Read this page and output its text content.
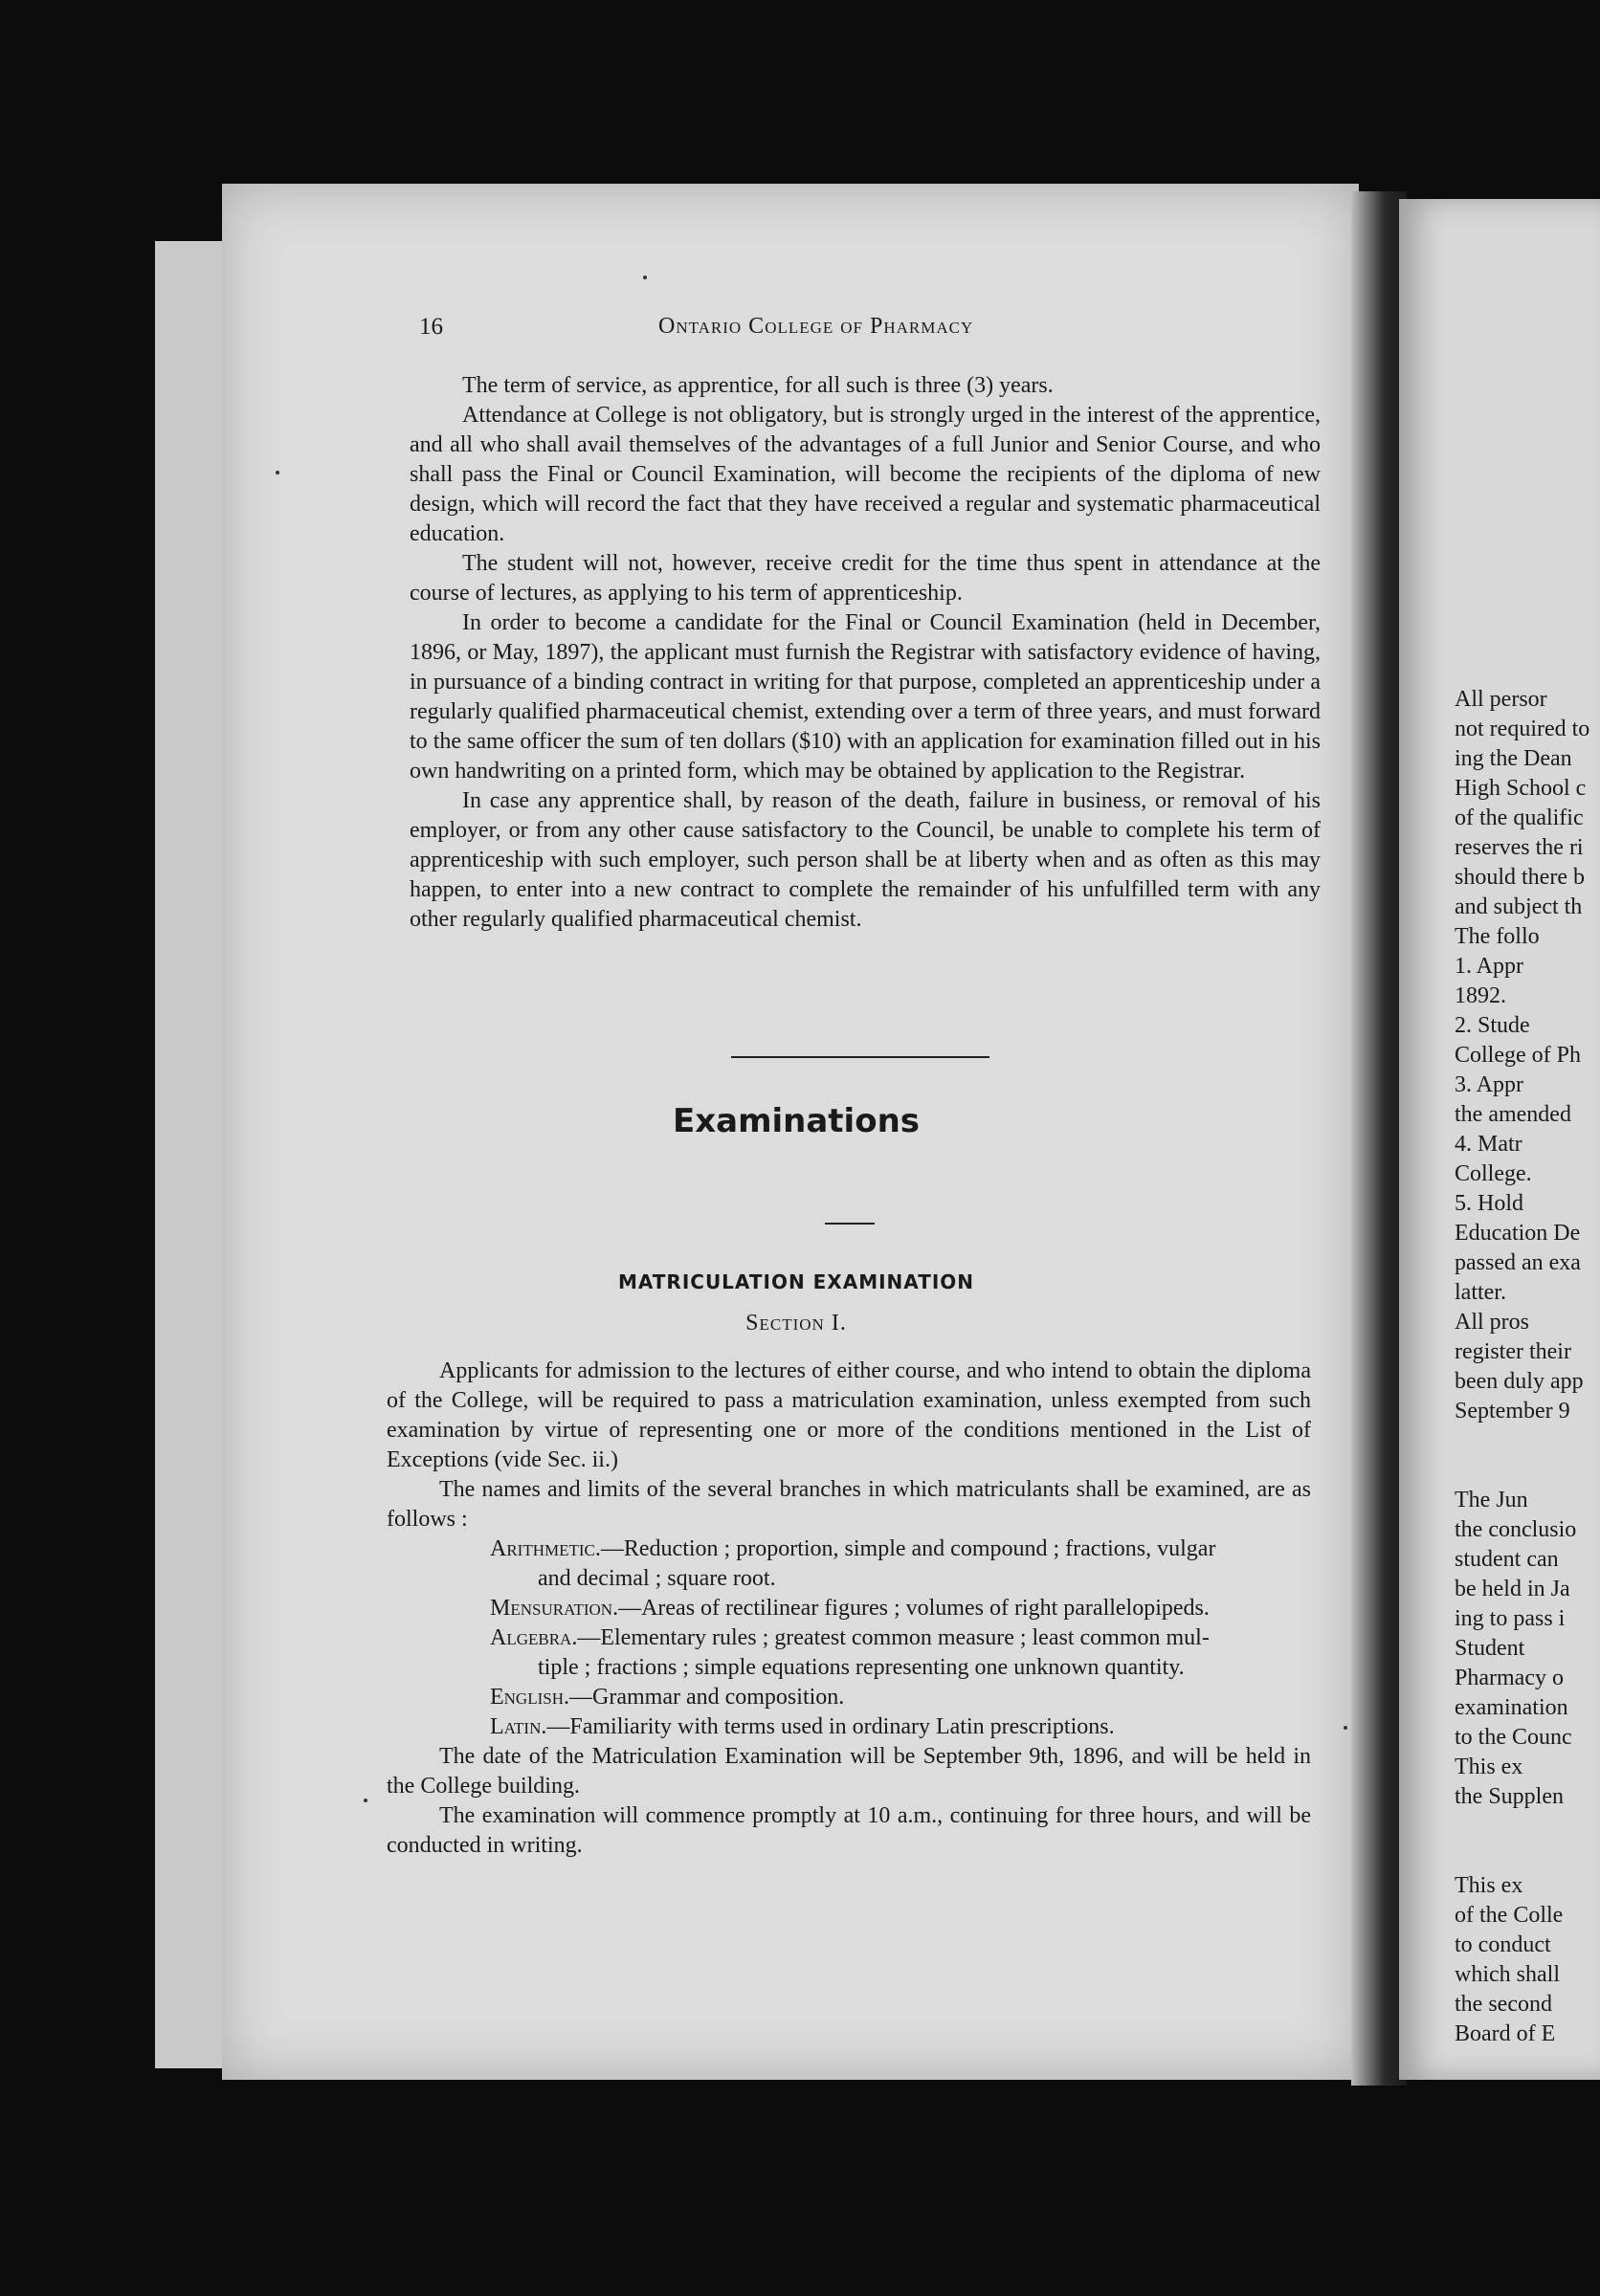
16	Ontario College of Pharmacy

The term of service, as apprentice, for all such is three (3) years.

Attendance at College is not obligatory, but is strongly urged in the interest of the apprentice, and all who shall avail themselves of the advantages of a full Junior and Senior Course, and who shall pass the Final or Council Examination, will become the recipients of the diploma of new design, which will record the fact that they have received a regular and systematic pharmaceutical education.

The student will not, however, receive credit for the time thus spent in attendance at the course of lectures, as applying to his term of apprenticeship.

In order to become a candidate for the Final or Council Examination (held in December, 1896, or May, 1897), the applicant must furnish the Registrar with satisfactory evidence of having, in pursuance of a binding contract in writing for that purpose, completed an apprenticeship under a regularly qualified pharmaceutical chemist, extending over a term of three years, and must forward to the same officer the sum of ten dollars ($10) with an application for examination filled out in his own handwriting on a printed form, which may be obtained by application to the Registrar.

In case any apprentice shall, by reason of the death, failure in business, or removal of his employer, or from any other cause satisfactory to the Council, be unable to complete his term of apprenticeship with such employer, such person shall be at liberty when and as often as this may happen, to enter into a new contract to complete the remainder of his unfulfilled term with any other regularly qualified pharmaceutical chemist.

Examinations
MATRICULATION EXAMINATION
Section I.

Applicants for admission to the lectures of either course, and who intend to obtain the diploma of the College, will be required to pass a matriculation examination, unless exempted from such examination by virtue of representing one or more of the conditions mentioned in the List of Exceptions (vide Sec. ii.)

The names and limits of the several branches in which matriculants shall be examined, are as follows :

Arithmetic.—Reduction ; proportion, simple and compound ; fractions, vulgar
and decimal ; square root.

Mensuration.—Areas of rectilinear figures ; volumes of right parallelopipeds.

Algebra.—Elementary rules ; greatest common measure ; least common mul-
tiple ; fractions ; simple equations representing one unknown quantity.

English.—Grammar and composition.

Latin.—Familiarity with terms used in ordinary Latin prescriptions.

The date of the Matriculation Examination will be September 9th, 1896, and will be held in the College building.

The examination will commence promptly at 10 a.m., continuing for three hours, and will be conducted in writing.

All persor
not required to
ing the Dean
High School c
of the qualific
reserves the ri
should there b
and subject th
The follo
1. Appr
1892.
2. Stude
College of Ph
3. Appr
the amended
4. Matr
College.
5. Hold
Education De
passed an exa
latter.
All pros
register their
been duly app
September 9
The Jun
the conclusio
student can
be held in Ja
ing to pass i
Student
Pharmacy o
examination
to the Counc
This ex
the Supplen
This ex
of the Colle
to conduct
which shall
the second
Board of E
